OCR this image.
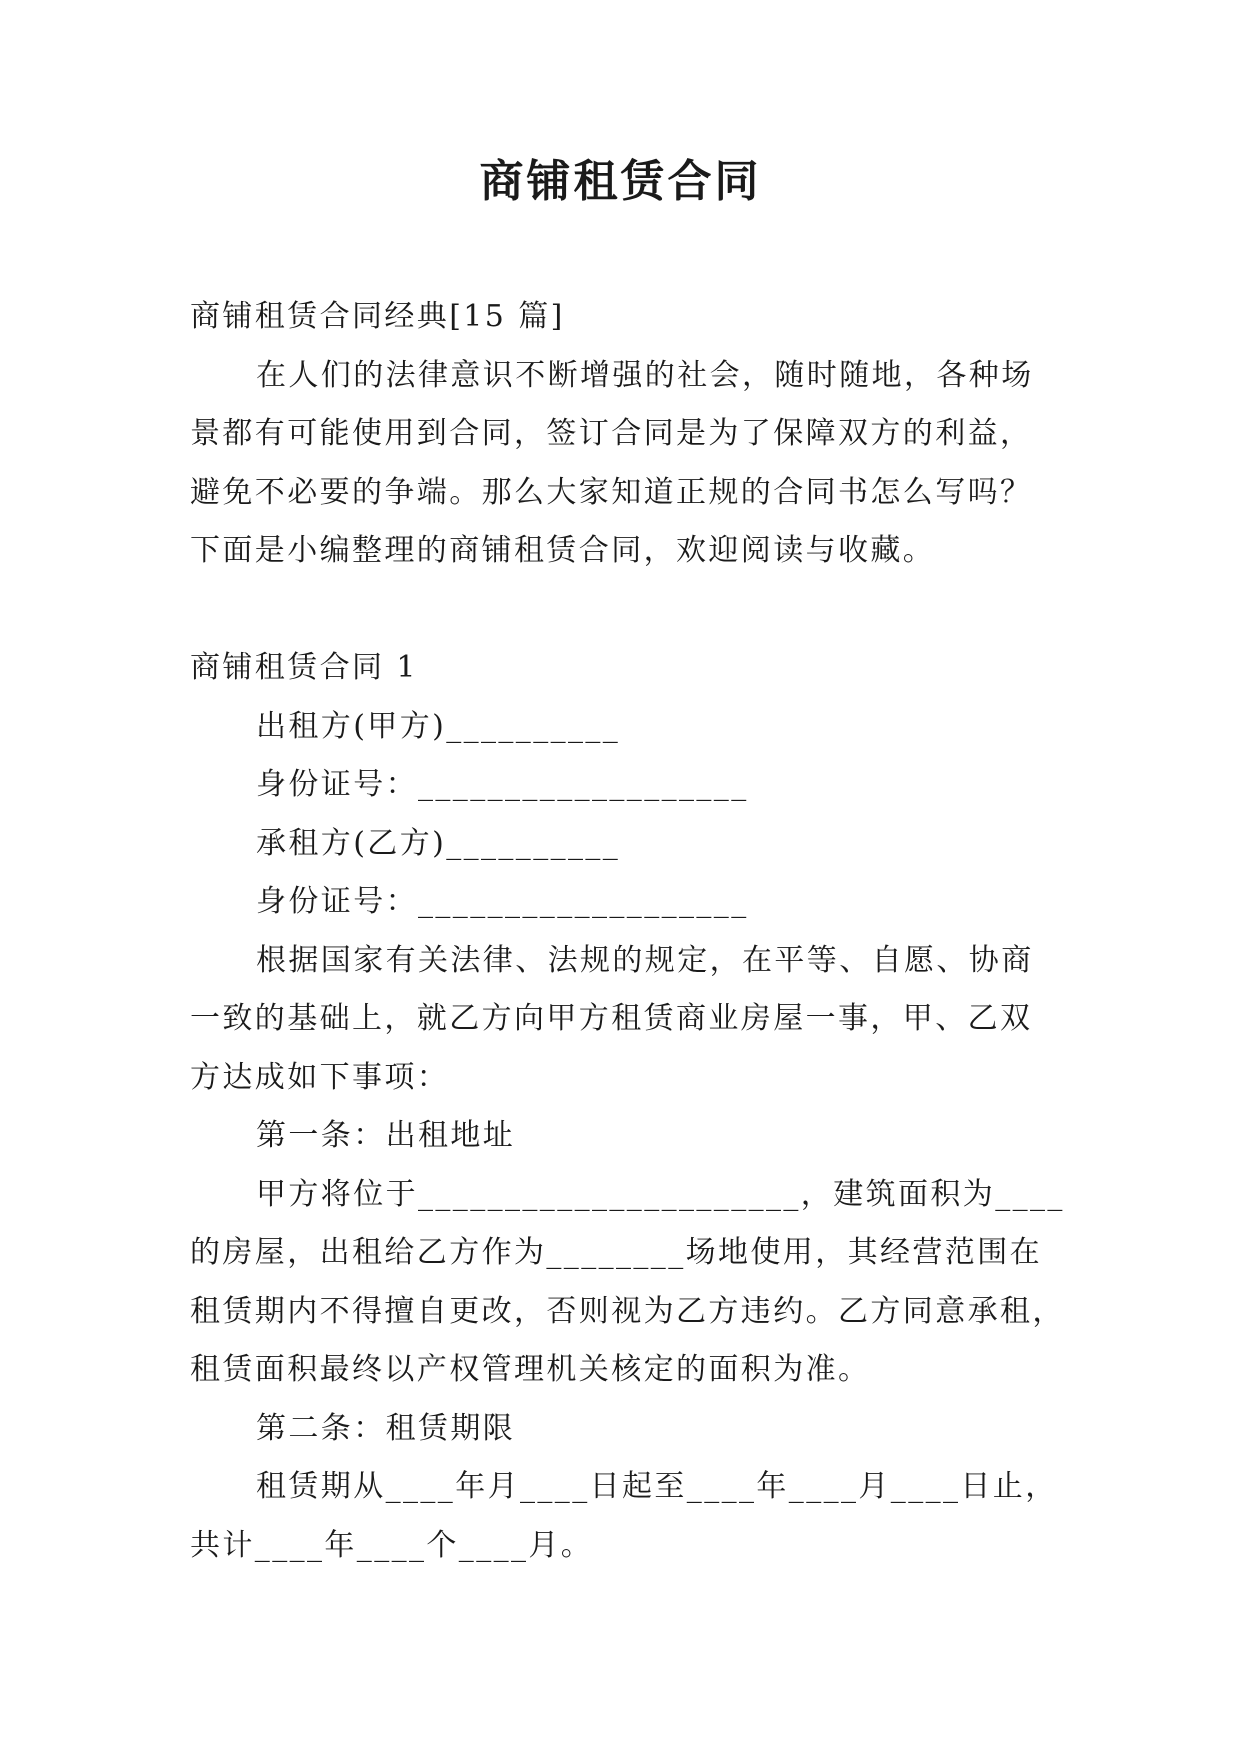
商铺租赁合同

商铺租赁合同经典[15 篇]

在人们的法律意识不断增强的社会，随时随地，各种场

景都有可能使用到合同，签订合同是为了保障双方的利益，

避免不必要的争端。那么大家知道正规的合同书怎么写吗？

下面是小编整理的商铺租赁合同，欢迎阅读与收藏。

商铺租赁合同 1

出租方(甲方)__________

身份证号：___________________

承租方(乙方)__________

身份证号：___________________

根据国家有关法律、法规的规定，在平等、自愿、协商

一致的基础上，就乙方向甲方租赁商业房屋一事，甲、乙双

方达成如下事项：

第一条：出租地址

甲方将位于______________________，建筑面积为____

的房屋，出租给乙方作为________场地使用，其经营范围在

租赁期内不得擅自更改，否则视为乙方违约。乙方同意承租，

租赁面积最终以产权管理机关核定的面积为准。

第二条：租赁期限

租赁期从____年月____日起至____年____月____日止，

共计____年____个____月。
